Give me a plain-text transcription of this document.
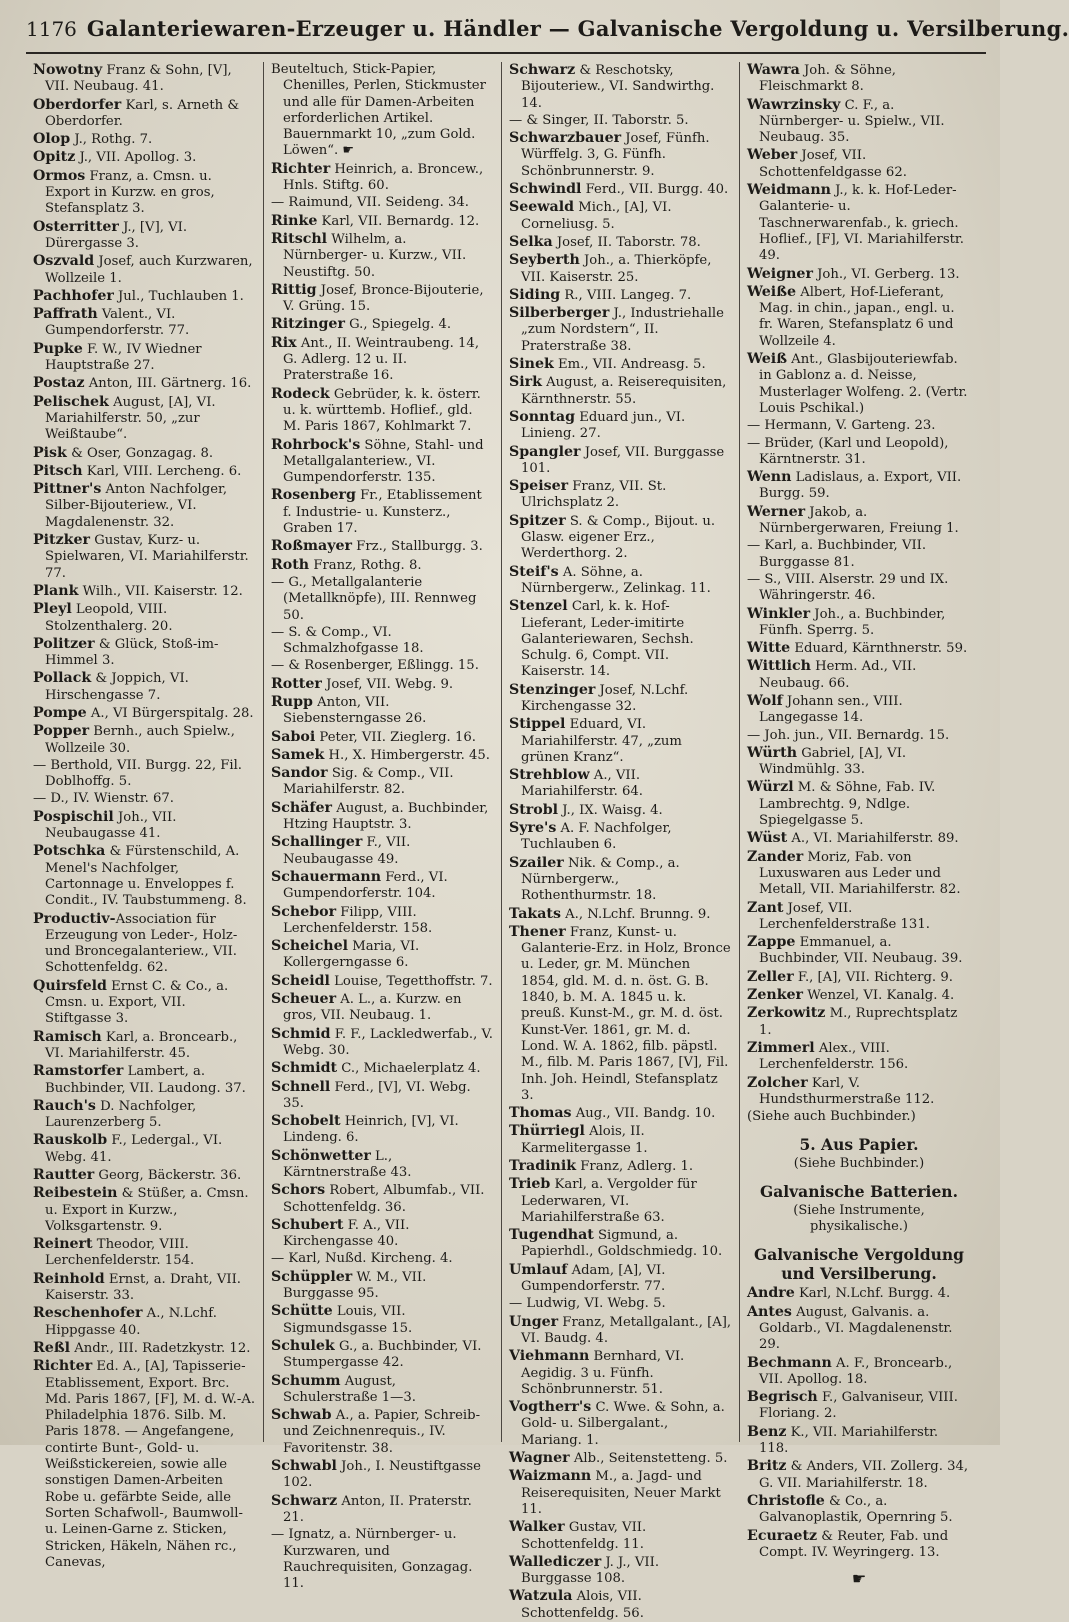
1176 Galanteriewaren-Erzeuger u. Händler — Galvanische Vergoldung u. Versilberung.

Nowotny Franz & Sohn, [V], VII. Neubaug. 41.

Oberdorfer Karl, s. Arneth & Oberdorfer.

Olop J., Rothg. 7.

Opitz J., VII. Apollog. 3.

Ormos Franz, a. Cmsn. u. Export in Kurzw. en gros, Stefansplatz 3.

Osterritter J., [V], VI. Dürergasse 3.

Oszvald Josef, auch Kurzwaren, Wollzeile 1.

Pachhofer Jul., Tuchlauben 1.

Paffrath Valent., VI. Gumpendorferstr. 77.

Pupke F. W., IV Wiedner Hauptstraße 27.

Postaz Anton, III. Gärtnerg. 16.

Pelischek August, [A], VI. Mariahilferstr. 50, „zur Weißtaube“.

Pisk & Oser, Gonzagag. 8.

Pitsch Karl, VIII. Lercheng. 6.

Pittner's Anton Nachfolger, Silber-Bijouteriew., VI. Magdalenenstr. 32.

Pitzker Gustav, Kurz- u. Spielwaren, VI. Mariahilferstr. 77.

Plank Wilh., VII. Kaiserstr. 12.

Pleyl Leopold, VIII. Stolzenthalerg. 20.

Politzer & Glück, Stoß-im-Himmel 3.

Pollack & Joppich, VI. Hirschengasse 7.

Pompe A., VI Bürgerspitalg. 28.

Popper Bernh., auch Spielw., Wollzeile 30.

— Berthold, VII. Burgg. 22, Fil. Doblhoffg. 5.

— D., IV. Wienstr. 67.

Pospischil Joh., VII. Neubaugasse 41.

Potschka & Fürstenschild, A. Menel's Nachfolger, Cartonnage u. Enveloppes f. Condit., IV. Taubstummeng. 8.

Productiv-Association für Erzeugung von Leder-, Holz- und Broncegalanteriew., VII. Schottenfeldg. 62.

Quirsfeld Ernst C. & Co., a. Cmsn. u. Export, VII. Stiftgasse 3.

Ramisch Karl, a. Broncearb., VI. Mariahilferstr. 45.

Ramstorfer Lambert, a. Buchbinder, VII. Laudong. 37.

Rauch's D. Nachfolger, Laurenzerberg 5.

Rauskolb F., Ledergal., VI. Webg. 41.

Rautter Georg, Bäckerstr. 36.

Reibestein & Stüßer, a. Cmsn. u. Export in Kurzw., Volksgartenstr. 9.

Reinert Theodor, VIII. Lerchenfelderstr. 154.

Reinhold Ernst, a. Draht, VII. Kaiserstr. 33.

Reschenhofer A., N.Lchf. Hippgasse 40.

Reßl Andr., III. Radetzkystr. 12.

Richter Ed. A., [A], Tapisserie-Etablissement, Export. Brc. Md. Paris 1867, [F], M. d. W.-A. Philadelphia 1876. Silb. M. Paris 1878. — Angefangene, contirte Bunt-, Gold- u. Weißstickereien, sowie alle sonstigen Damen-Arbeiten Robe u. gefärbte Seide, alle Sorten Schafwoll-, Baumwoll- u. Leinen-Garne z. Sticken, Stricken, Häkeln, Nähen rc., Canevas,

Beuteltuch, Stick-Papier, Chenilles, Perlen, Stickmuster und alle für Damen-Arbeiten erforderlichen Artikel. Bauernmarkt 10, „zum Gold. Löwen“. ☛

Richter Heinrich, a. Broncew., Hnls. Stiftg. 60.

— Raimund, VII. Seideng. 34.

Rinke Karl, VII. Bernardg. 12.

Ritschl Wilhelm, a. Nürnberger- u. Kurzw., VII. Neustiftg. 50.

Rittig Josef, Bronce-Bijouterie, V. Grüng. 15.

Ritzinger G., Spiegelg. 4.

Rix Ant., II. Weintraubeng. 14, G. Adlerg. 12 u. II. Praterstraße 16.

Rodeck Gebrüder, k. k. österr. u. k. württemb. Hoflief., gld. M. Paris 1867, Kohlmarkt 7.

Rohrbock's Söhne, Stahl- und Metallgalanteriew., VI. Gumpendorferstr. 135.

Rosenberg Fr., Etablissement f. Industrie- u. Kunsterz., Graben 17.

Roßmayer Frz., Stallburgg. 3.

Roth Franz, Rothg. 8.

— G., Metallgalanterie (Metallknöpfe), III. Rennweg 50.

— S. & Comp., VI. Schmalzhofgasse 18.

— & Rosenberger, Eßlingg. 15.

Rotter Josef, VII. Webg. 9.

Rupp Anton, VII. Siebensterngasse 26.

Saboi Peter, VII. Zieglerg. 16.

Samek H., X. Himbergerstr. 45.

Sandor Sig. & Comp., VII. Mariahilferstr. 82.

Schäfer August, a. Buchbinder, Htzing Hauptstr. 3.

Schallinger F., VII. Neubaugasse 49.

Schauermann Ferd., VI. Gumpendorferstr. 104.

Schebor Filipp, VIII. Lerchenfelderstr. 158.

Scheichel Maria, VI. Kollergerngasse 6.

Scheidl Louise, Tegetthoffstr. 7.

Scheuer A. L., a. Kurzw. en gros, VII. Neubaug. 1.

Schmid F. F., Lackledwerfab., V. Webg. 30.

Schmidt C., Michaelerplatz 4.

Schnell Ferd., [V], VI. Webg. 35.

Schobelt Heinrich, [V], VI. Lindeng. 6.

Schönwetter L., Kärntnerstraße 43.

Schors Robert, Albumfab., VII. Schottenfeldg. 36.

Schubert F. A., VII. Kirchengasse 40.

— Karl, Nußd. Kircheng. 4.

Schüppler W. M., VII. Burggasse 95.

Schütte Louis, VII. Sigmundsgasse 15.

Schulek G., a. Buchbinder, VI. Stumpergasse 42.

Schumm August, Schulerstraße 1—3.

Schwab A., a. Papier, Schreib- und Zeichnenrequis., IV. Favoritenstr. 38.

Schwabl Joh., I. Neustiftgasse 102.

Schwarz Anton, II. Praterstr. 21.

— Ignatz, a. Nürnberger- u. Kurzwaren, und Rauchrequisiten, Gonzagag. 11.

Schwarz & Reschotsky, Bijouteriew., VI. Sandwirthg. 14.

— & Singer, II. Taborstr. 5.

Schwarzbauer Josef, Fünfh. Würffelg. 3, G. Fünfh. Schönbrunnerstr. 9.

Schwindl Ferd., VII. Burgg. 40.

Seewald Mich., [A], VI. Corneliusg. 5.

Selka Josef, II. Taborstr. 78.

Seyberth Joh., a. Thierköpfe, VII. Kaiserstr. 25.

Siding R., VIII. Langeg. 7.

Silberberger J., Industriehalle „zum Nordstern“, II. Praterstraße 38.

Sinek Em., VII. Andreasg. 5.

Sirk August, a. Reiserequisiten, Kärnthnerstr. 55.

Sonntag Eduard jun., VI. Linieng. 27.

Spangler Josef, VII. Burggasse 101.

Speiser Franz, VII. St. Ulrichsplatz 2.

Spitzer S. & Comp., Bijout. u. Glasw. eigener Erz., Werderthorg. 2.

Steif's A. Söhne, a. Nürnbergerw., Zelinkag. 11.

Stenzel Carl, k. k. Hof-Lieferant, Leder-imitirte Galanteriewaren, Sechsh. Schulg. 6, Compt. VII. Kaiserstr. 14.

Stenzinger Josef, N.Lchf. Kirchengasse 32.

Stippel Eduard, VI. Mariahilferstr. 47, „zum grünen Kranz“.

Strehblow A., VII. Mariahilferstr. 64.

Strobl J., IX. Waisg. 4.

Syre's A. F. Nachfolger, Tuchlauben 6.

Szailer Nik. & Comp., a. Nürnbergerw., Rothenthurmstr. 18.

Takats A., N.Lchf. Brunng. 9.

Thener Franz, Kunst- u. Galanterie-Erz. in Holz, Bronce u. Leder, gr. M. München 1854, gld. M. d. n. öst. G. B. 1840, b. M. A. 1845 u. k. preuß. Kunst-M., gr. M. d. öst. Kunst-Ver. 1861, gr. M. d. Lond. W. A. 1862, filb. päpstl. M., filb. M. Paris 1867, [V], Fil. Inh. Joh. Heindl, Stefansplatz 3.

Thomas Aug., VII. Bandg. 10.

Thürriegl Alois, II. Karmelitergasse 1.

Tradinik Franz, Adlerg. 1.

Trieb Karl, a. Vergolder für Lederwaren, VI. Mariahilferstraße 63.

Tugendhat Sigmund, a. Papierhdl., Goldschmiedg. 10.

Umlauf Adam, [A], VI. Gumpendorferstr. 77.

— Ludwig, VI. Webg. 5.

Unger Franz, Metallgalant., [A], VI. Baudg. 4.

Viehmann Bernhard, VI. Aegidig. 3 u. Fünfh. Schönbrunnerstr. 51.

Vogtherr's C. Wwe. & Sohn, a. Gold- u. Silbergalant., Mariang. 1.

Wagner Alb., Seitenstetteng. 5.

Waizmann M., a. Jagd- und Reiserequisiten, Neuer Markt 11.

Walker Gustav, VII. Schottenfeldg. 11.

Wallediczer J. J., VII. Burggasse 108.

Watzula Alois, VII. Schottenfeldg. 56.

Wawra Joh. & Söhne, Fleischmarkt 8.

Wawrzinsky C. F., a. Nürnberger- u. Spielw., VII. Neubaug. 35.

Weber Josef, VII. Schottenfeldgasse 62.

Weidmann J., k. k. Hof-Leder-Galanterie- u. Taschnerwarenfab., k. griech. Hoflief., [F], VI. Mariahilferstr. 49.

Weigner Joh., VI. Gerberg. 13.

Weiße Albert, Hof-Lieferant, Mag. in chin., japan., engl. u. fr. Waren, Stefansplatz 6 und Wollzeile 4.

Weiß Ant., Glasbijouteriewfab. in Gablonz a. d. Neisse, Musterlager Wolfeng. 2. (Vertr. Louis Pschikal.)

— Hermann, V. Garteng. 23.

— Brüder, (Karl und Leopold), Kärntnerstr. 31.

Wenn Ladislaus, a. Export, VII. Burgg. 59.

Werner Jakob, a. Nürnbergerwaren, Freiung 1.

— Karl, a. Buchbinder, VII. Burggasse 81.

— S., VIII. Alserstr. 29 und IX. Währingerstr. 46.

Winkler Joh., a. Buchbinder, Fünfh. Sperrg. 5.

Witte Eduard, Kärnthnerstr. 59.

Wittlich Herm. Ad., VII. Neubaug. 66.

Wolf Johann sen., VIII. Langegasse 14.

— Joh. jun., VII. Bernardg. 15.

Würth Gabriel, [A], VI. Windmühlg. 33.

Würzl M. & Söhne, Fab. IV. Lambrechtg. 9, Ndlge. Spiegelgasse 5.

Wüst A., VI. Mariahilferstr. 89.

Zander Moriz, Fab. von Luxuswaren aus Leder und Metall, VII. Mariahilferstr. 82.

Zant Josef, VII. Lerchenfelderstraße 131.

Zappe Emmanuel, a. Buchbinder, VII. Neubaug. 39.

Zeller F., [A], VII. Richterg. 9.

Zenker Wenzel, VI. Kanalg. 4.

Zerkowitz M., Ruprechtsplatz 1.

Zimmerl Alex., VIII. Lerchenfelderstr. 156.

Zolcher Karl, V. Hundsthurmerstraße 112.

(Siehe auch Buchbinder.)

5. Aus Papier.
(Siehe Buchbinder.)
Galvanische Batterien.
(Siehe Instrumente, physikalische.)
Galvanische Vergoldung und Versilberung.

Andre Karl, N.Lchf. Burgg. 4.

Antes August, Galvanis. a. Goldarb., VI. Magdalenenstr. 29.

Bechmann A. F., Broncearb., VII. Apollog. 18.

Begrisch F., Galvaniseur, VIII. Floriang. 2.

Benz K., VII. Mariahilferstr. 118.

Britz & Anders, VII. Zollerg. 34, G. VII. Mariahilferstr. 18.

Christofle & Co., a. Galvanoplastik, Opernring 5.

Ecuraetz & Reuter, Fab. und Compt. IV. Weyringerg. 13.

☛
